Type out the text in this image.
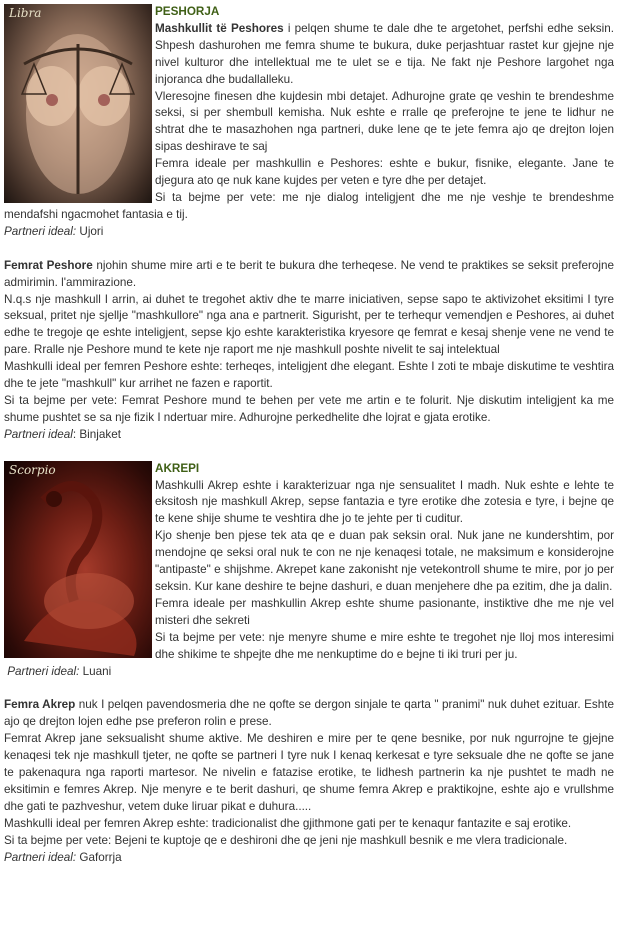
Libra	PESHORJA
Mashkullit të Peshores i pelqen shume te dale dhe te argetohet, perfshi edhe seksin. Shpesh dashurohen me femra shume te bukura, duke perjashtuar rastet kur gjejne nje nivel kulturor dhe intellektual me te ulet se e tija. Ne fakt nje Peshore largohet nga injoranca dhe budallalleku.
Vleresojne finesen dhe kujdesin mbi detajet. Adhurojne grate qe veshin te brendeshme seksi, si per shembull kemisha. Nuk eshte e rralle qe preferojne te jene te lidhur ne shtrat dhe te masazhohen nga partneri, duke lene qe te jete femra ajo qe drejton lojen sipas deshirave te saj
Femra ideale per mashkullin e Peshores: eshte e bukur, fisnike, elegante. Jane te djegura ato qe nuk kane kujdes per veten e tyre dhe per detajet.
Si ta bejme per vete: me nje dialog inteligjent dhe me nje veshje te brendeshme mendafshi ngacmohet fantasia e tij.
Partneri ideal: Ujori
Femrat Peshore njohin shume mire arti e te berit te bukura dhe terheqese. Ne vend te praktikes se seksit preferojne admirimin. l'ammirazione.
N.q.s nje mashkull I arrin, ai duhet te tregohet aktiv dhe te marre iniciativen, sepse sapo te aktivizohet eksitimi I tyre seksual, pritet nje sjellje "mashkullore" nga ana e partnerit. Sigurisht, per te terhequr vemendjen e Peshores, ai duhet edhe te tregoje qe eshte inteligjent, sepse kjo eshte karakteristika kryesore qe femrat e kesaj shenje vene ne vend te pare. Rralle nje Peshore mund te kete nje raport me nje mashkull poshte nivelit te saj intelektual
Mashkulli ideal per femren Peshore eshte: terheqes, inteligjent dhe elegant. Eshte I zoti te mbaje diskutime te veshtira dhe te jete "mashkull" kur arrihet ne fazen e raportit.
Si ta bejme per vete: Femrat Peshore mund te behen per vete me artin e te folurit. Nje diskutim inteligjent ka me shume pushtet se sa nje fizik I ndertuar mire. Adhurojne perkedhelite dhe lojrat e gjata erotike.
Partneri ideal: Binjaket
Scorpio	AKREPI
Mashkulli Akrep eshte i karakterizuar nga nje sensualitet I madh. Nuk eshte e lehte te eksitosh nje mashkull Akrep, sepse fantazia e tyre erotike dhe zotesia e tyre, i bejne qe te kene shije shume te veshtira dhe jo te jehte per ti cuditur.
Kjo shenje ben pjese tek ata qe e duan pak seksin oral. Nuk jane ne kundershtim, por mendojne qe seksi oral nuk te con ne nje kenaqesi totale, ne maksimum e konsiderojne "antipaste" e shijshme. Akrepet kane zakonisht nje vetekontroll shume te mire, por jo per seksin. Kur kane deshire te bejne dashuri, e duan menjehere dhe pa ezitim, dhe ja dalin.
Femra ideale per mashkullin Akrep eshte shume pasionante, instiktive dhe me nje vel misteri dhe sekreti
Si ta bejme per vete: nje menyre shume e mire eshte te tregohet nje lloj mos interesimi dhe shikime te shpejte dhe me nenkuptime do e bejne ti iki truri per ju.
Partneri ideal: Luani
Femra Akrep nuk I pelqen pavendosmeria dhe ne qofte se dergon sinjale te qarta " pranimi" nuk duhet ezituar. Eshte ajo qe drejton lojen edhe pse preferon rolin e prese.
Femrat Akrep jane seksualisht shume aktive. Me deshiren e mire per te qene besnike, por nuk ngurrojne te gjejne kenaqesi tek nje mashkull tjeter, ne qofte se partneri I tyre nuk I kenaq kerkesat e tyre seksuale dhe ne qofte se jane te pakenaqura nga raporti martesor. Ne nivelin e fatazise erotike, te lidhesh partnerin ka nje pushtet te madh ne eksitimin e femres Akrep. Nje menyre e te berit dashuri, qe shume femra Akrep e praktikojne, eshte ajo e vrullshme dhe gati te pazhveshur, vetem duke liruar pikat e duhura.....
Mashkulli ideal per femren Akrep eshte: tradicionalist dhe gjithmone gati per te kenaqur fantazite e saj erotike.
Si ta bejme per vete: Bejeni te kuptoje qe e deshironi dhe qe jeni nje mashkull besnik e me vlera tradicionale.
Partneri ideal: Gaforrja
